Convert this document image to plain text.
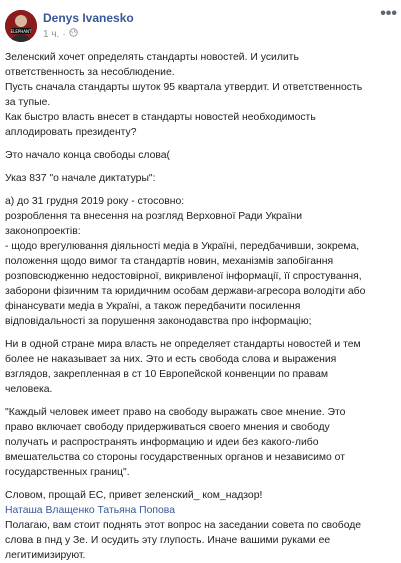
ELEPHANT
Denys Ivanesko
1 ч. ·
•••
Зеленский хочет определять стандарты новостей. И усилить
ответственность за несоблюдение.
Пусть сначала стандарты шуток 95 квартала утвердит. И ответственность
за тупые.
Как быстро власть внесет в стандарты новостей необходимость
аплодировать президенту?
Это начало конца свободы слова(
Указ 837 "о начале диктатуры":
а) до 31 грудня 2019 року - стосовно:
розроблення та внесення на розгляд Верховної Ради України
законопроектів:
- щодо врегулювання діяльності медіа в Україні, передбачивши, зокрема,
положення щодо вимог та стандартів новин, механізмів запобігання
розповсюдженню недостовірної, викривленої інформації, її спростування,
заборони фізичним та юридичним особам держави-агресора володіти або
фінансувати медіа в Україні, а також передбачити посилення
відповідальності за порушення законодавства про інформацію;
Ни в одной стране мира власть не определяет стандарты новостей и тем
более не наказывает за них. Это и есть свобода слова и выражения
взглядов, закрепленная в ст 10 Европейской конвенции по правам
человека.
"Каждый человек имеет право на свободу выражать свое мнение. Это
право включает свободу придерживаться своего мнения и свободу
получать и распространять информацию и идеи без какого-либо
вмешательства со стороны государственных органов и независимо от
государственных границ".
Словом, прощай ЕС, привет зеленский_ ком_надзор!
Наташа Влащенко Татьяна Попова
Полагаю, вам стоит поднять этот вопрос на заседании совета по свободе
слова в пнд у Зе. И осудить эту глупость. Иначе вашими руками ее
легитимизируют.
